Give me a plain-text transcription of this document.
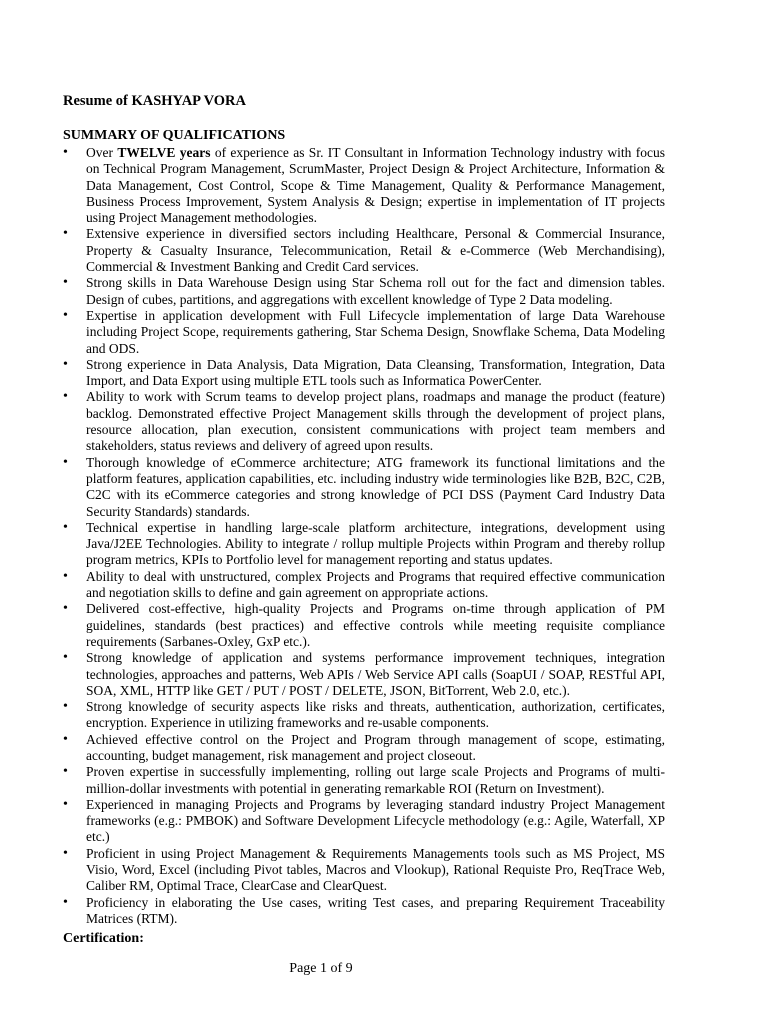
Resume of KASHYAP VORA
SUMMARY OF QUALIFICATIONS
• Over TWELVE years of experience as Sr. IT Consultant in Information Technology industry with focus on Technical Program Management, ScrumMaster, Project Design & Project Architecture, Information & Data Management, Cost Control, Scope & Time Management, Quality & Performance Management, Business Process Improvement, System Analysis & Design; expertise in implementation of IT projects using Project Management methodologies.
• Extensive experience in diversified sectors including Healthcare, Personal & Commercial Insurance, Property & Casualty Insurance, Telecommunication, Retail & e-Commerce (Web Merchandising), Commercial & Investment Banking and Credit Card services.
• Strong skills in Data Warehouse Design using Star Schema roll out for the fact and dimension tables. Design of cubes, partitions, and aggregations with excellent knowledge of Type 2 Data modeling.
• Expertise in application development with Full Lifecycle implementation of large Data Warehouse including Project Scope, requirements gathering, Star Schema Design, Snowflake Schema, Data Modeling and ODS.
• Strong experience in Data Analysis, Data Migration, Data Cleansing, Transformation, Integration, Data Import, and Data Export using multiple ETL tools such as Informatica PowerCenter.
• Ability to work with Scrum teams to develop project plans, roadmaps and manage the product (feature) backlog. Demonstrated effective Project Management skills through the development of project plans, resource allocation, plan execution, consistent communications with project team members and stakeholders, status reviews and delivery of agreed upon results.
• Thorough knowledge of eCommerce architecture; ATG framework its functional limitations and the platform features, application capabilities, etc. including industry wide terminologies like B2B, B2C, C2B, C2C with its eCommerce categories and strong knowledge of PCI DSS (Payment Card Industry Data Security Standards) standards.
• Technical expertise in handling large-scale platform architecture, integrations, development using Java/J2EE Technologies. Ability to integrate / rollup multiple Projects within Program and thereby rollup program metrics, KPIs to Portfolio level for management reporting and status updates.
• Ability to deal with unstructured, complex Projects and Programs that required effective communication and negotiation skills to define and gain agreement on appropriate actions.
• Delivered cost-effective, high-quality Projects and Programs on-time through application of PM guidelines, standards (best practices) and effective controls while meeting requisite compliance requirements (Sarbanes-Oxley, GxP etc.).
• Strong knowledge of application and systems performance improvement techniques, integration technologies, approaches and patterns, Web APIs / Web Service API calls (SoapUI / SOAP, RESTful API, SOA, XML, HTTP like GET / PUT / POST / DELETE, JSON, BitTorrent, Web 2.0, etc.).
• Strong knowledge of security aspects like risks and threats, authentication, authorization, certificates, encryption. Experience in utilizing frameworks and re-usable components.
• Achieved effective control on the Project and Program through management of scope, estimating, accounting, budget management, risk management and project closeout.
• Proven expertise in successfully implementing, rolling out large scale Projects and Programs of multi-million-dollar investments with potential in generating remarkable ROI (Return on Investment).
• Experienced in managing Projects and Programs by leveraging standard industry Project Management frameworks (e.g.: PMBOK) and Software Development Lifecycle methodology (e.g.: Agile, Waterfall, XP etc.)
• Proficient in using Project Management & Requirements Managements tools such as MS Project, MS Visio, Word, Excel (including Pivot tables, Macros and Vlookup), Rational Requiste Pro, ReqTrace Web, Caliber RM, Optimal Trace, ClearCase and ClearQuest.
• Proficiency in elaborating the Use cases, writing Test cases, and preparing Requirement Traceability Matrices (RTM).
Certification:
Page 1 of 9
